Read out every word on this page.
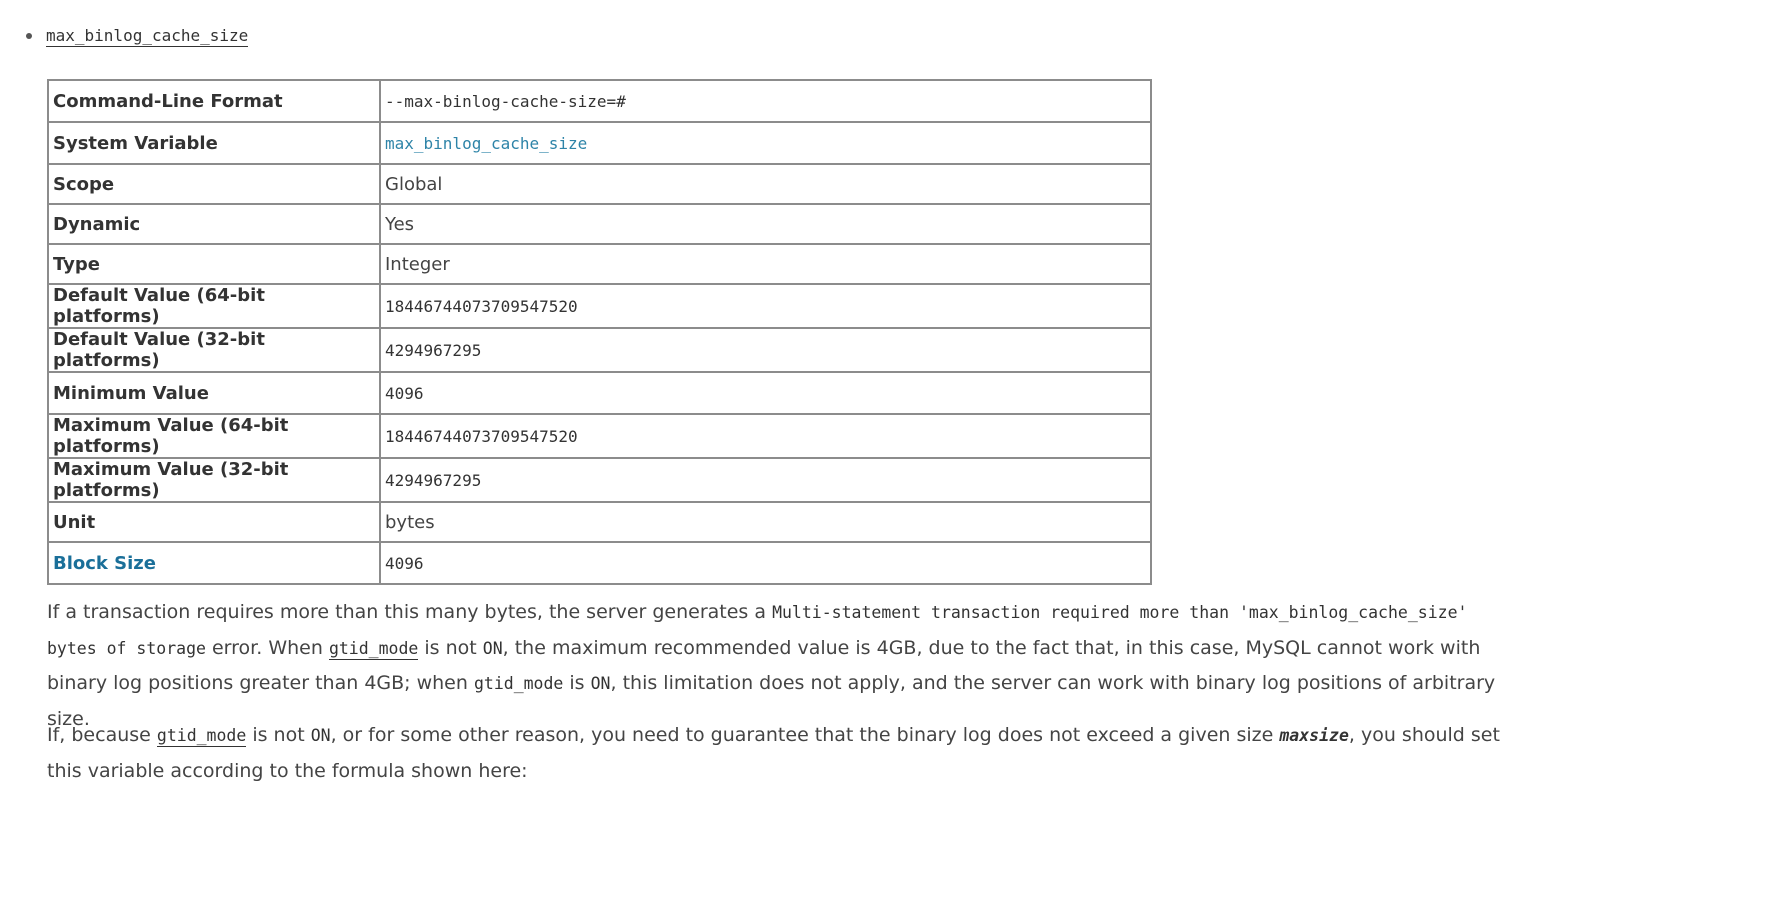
max_binlog_cache_size
Command-Line Format	--max-binlog-cache-size=#
System Variable	max_binlog_cache_size
Scope	Global
Dynamic	Yes
Type	Integer
Default Value (64-bit platforms)	18446744073709547520
Default Value (32-bit platforms)	4294967295
Minimum Value	4096
Maximum Value (64-bit platforms)	18446744073709547520
Maximum Value (32-bit platforms)	4294967295
Unit	bytes
Block Size	4096

If a transaction requires more than this many bytes, the server generates a Multi-statement transaction required more than 'max_binlog_cache_size' bytes of storage error. When gtid_mode is not ON, the maximum recommended value is 4GB, due to the fact that, in this case, MySQL cannot work with binary log positions greater than 4GB; when gtid_mode is ON, this limitation does not apply, and the server can work with binary log positions of arbitrary size.

If, because gtid_mode is not ON, or for some other reason, you need to guarantee that the binary log does not exceed a given size maxsize, you should set this variable according to the formula shown here:
